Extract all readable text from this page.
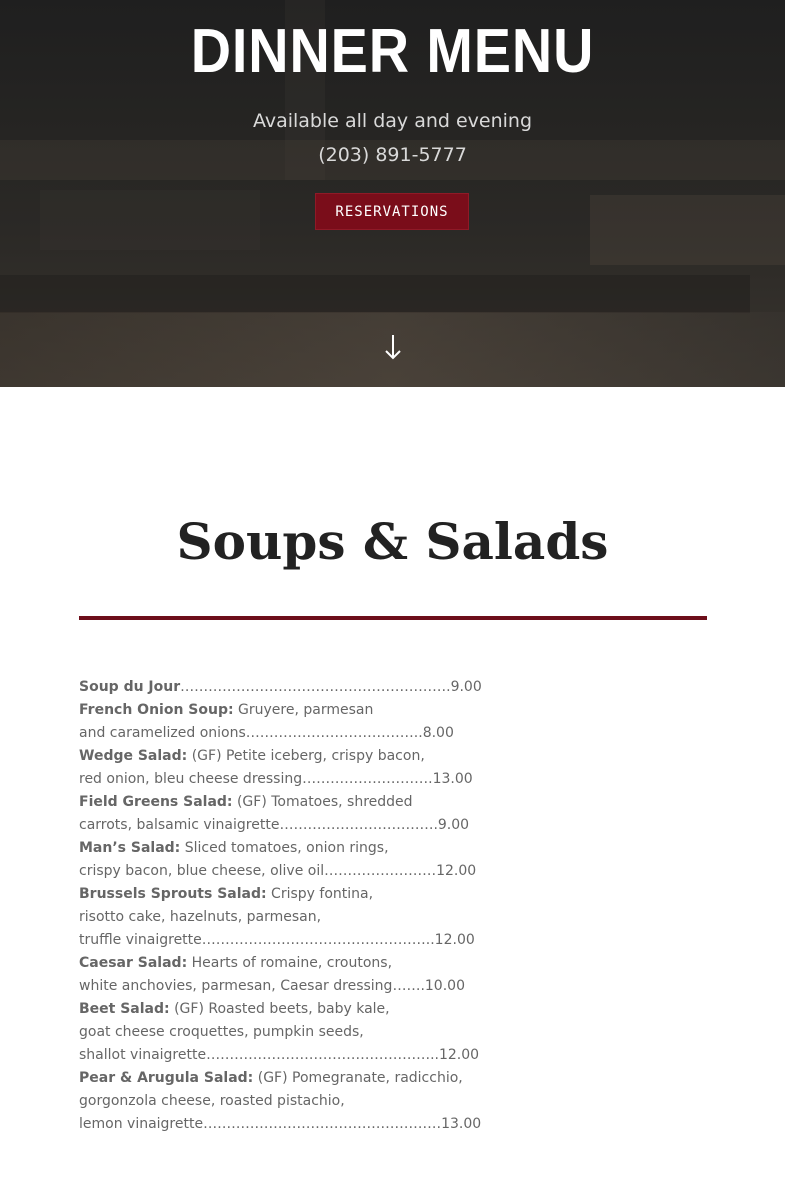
DINNER MENU
Available all day and evening
(203) 891-5777
RESERVATIONS
Soups & Salads
Soup du Jour………………………………………………….9.00
French Onion Soup: Gruyere, parmesan
and caramelized onions………………………………..8.00
Wedge Salad: (GF) Petite iceberg, crispy bacon,
red onion, bleu cheese dressing……………………….13.00
Field Greens Salad: (GF) Tomatoes, shredded
carrots, balsamic vinaigrette…………………………….9.00
Man’s Salad: Sliced tomatoes, onion rings,
crispy bacon, blue cheese, olive oil……………………12.00
Brussels Sprouts Salad: Crispy fontina,
risotto cake, hazelnuts, parmesan,
truffle vinaigrette…………………………………………..12.00
Caesar Salad: Hearts of romaine, croutons,
white anchovies, parmesan, Caesar dressing…….10.00
Beet Salad: (GF) Roasted beets, baby kale,
goat cheese croquettes, pumpkin seeds,
shallot vinaigrette…………………………………………..12.00
Pear & Arugula Salad: (GF) Pomegranate, radicchio,
gorgonzola cheese, roasted pistachio,
lemon vinaigrette……………………………………………13.00
